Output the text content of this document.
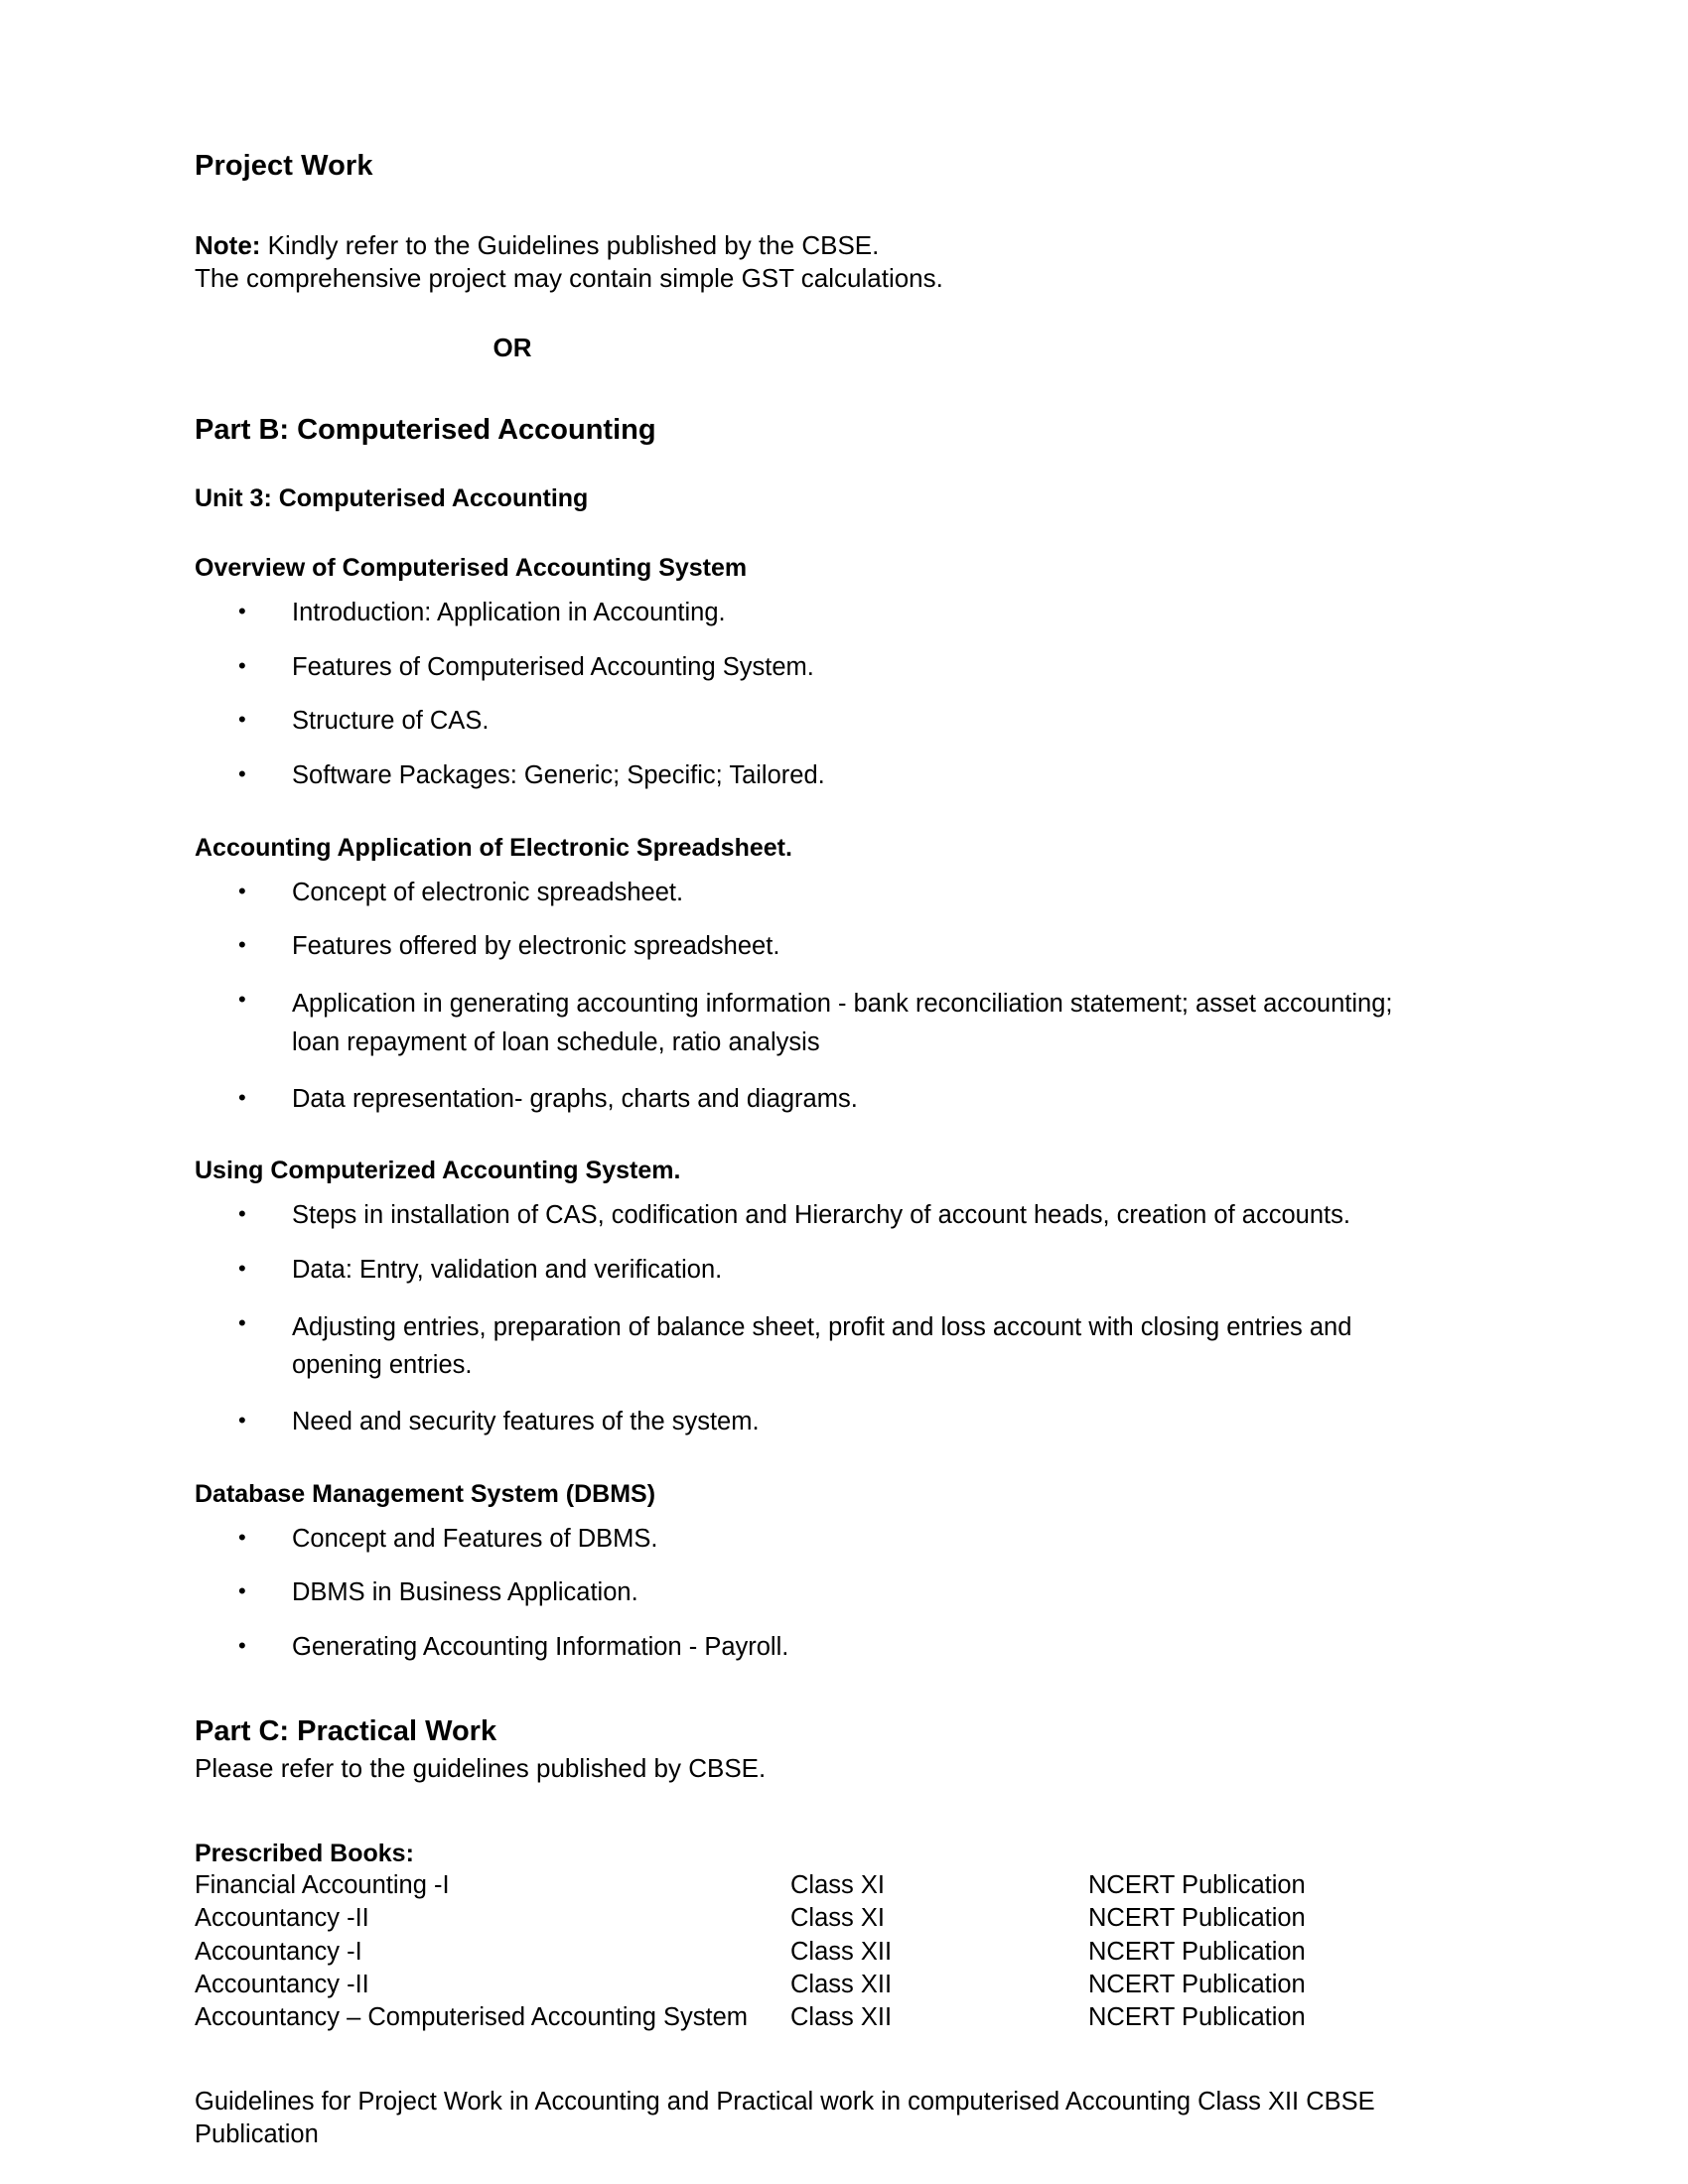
Project Work
Note: Kindly refer to the Guidelines published by the CBSE.
The comprehensive project may contain simple GST calculations.
OR
Part B: Computerised Accounting
Unit 3: Computerised Accounting
Overview of Computerised Accounting System
• Introduction: Application in Accounting.
• Features of Computerised Accounting System.
• Structure of CAS.
• Software Packages: Generic; Specific; Tailored.
Accounting Application of Electronic Spreadsheet.
• Concept of electronic spreadsheet.
• Features offered by electronic spreadsheet.
• Application in generating accounting information - bank reconciliation statement; asset accounting; loan repayment of loan schedule, ratio analysis
• Data representation- graphs, charts and diagrams.
Using Computerized Accounting System.
• Steps in installation of CAS, codification and Hierarchy of account heads, creation of accounts.
• Data: Entry, validation and verification.
• Adjusting entries, preparation of balance sheet, profit and loss account with closing entries and opening entries.
• Need and security features of the system.
Database Management System (DBMS)
• Concept and Features of DBMS.
• DBMS in Business Application.
• Generating Accounting Information - Payroll.
Part C: Practical Work
Please refer to the guidelines published by CBSE.
Prescribed Books:
Financial Accounting -I	Class XI	NCERT Publication
Accountancy -II	Class XI	NCERT Publication
Accountancy -I	Class XII	NCERT Publication
Accountancy -II	Class XII	NCERT Publication
Accountancy – Computerised Accounting System	Class XII	NCERT Publication
Guidelines for Project Work in Accounting and Practical work in computerised Accounting Class XII CBSE
Publication
